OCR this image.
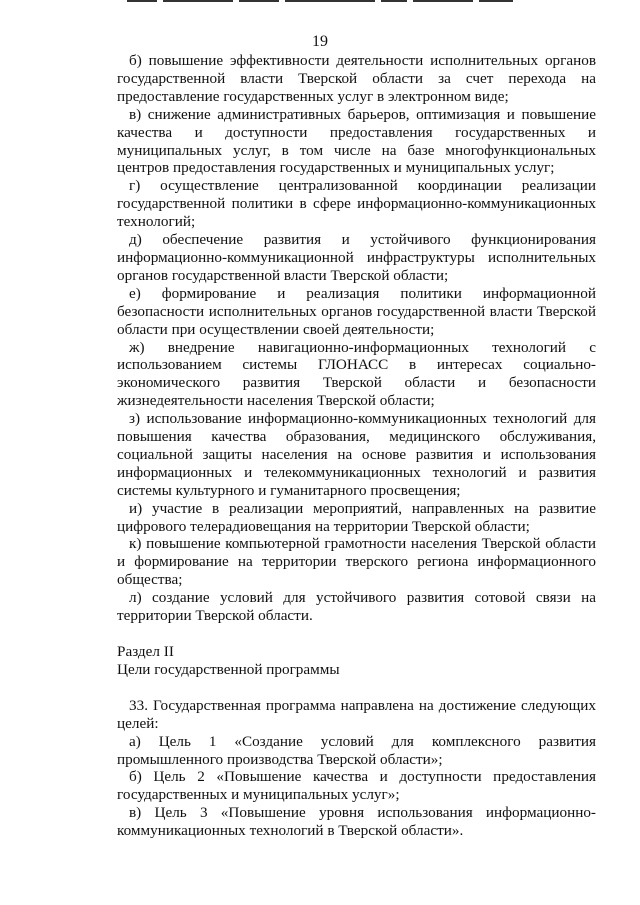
19

б) повышение эффективности деятельности исполнительных органов государственной власти Тверской области за счет перехода на предоставление государственных услуг в электронном виде;

в) снижение административных барьеров, оптимизация и повышение качества и доступности предоставления государственных и муниципальных услуг, в том числе на базе многофункциональных центров предоставления государственных и муниципальных услуг;

г) осуществление централизованной координации реализации государственной политики в сфере информационно-коммуникационных технологий;

д) обеспечение развития и устойчивого функционирования информационно-коммуникационной инфраструктуры исполнительных органов государственной власти Тверской области;

е) формирование и реализация политики информационной безопасности исполнительных органов государственной власти Тверской области при осуществлении своей деятельности;

ж) внедрение навигационно-информационных технологий с использованием системы ГЛОНАСС в интересах социально-экономического развития Тверской области и безопасности жизнедеятельности населения Тверской области;

з) использование информационно-коммуникационных технологий для повышения качества образования, медицинского обслуживания, социальной защиты населения на основе развития и использования информационных и телекоммуникационных технологий и развития системы культурного и гуманитарного просвещения;

и) участие в реализации мероприятий, направленных на развитие цифрового телерадиовещания на территории Тверской области;

к) повышение компьютерной грамотности населения Тверской области и формирование на территории тверского региона информационного общества;

л) создание условий для устойчивого развития сотовой связи на территории Тверской области.

Раздел II

Цели государственной программы

33. Государственная программа направлена на достижение следующих целей:

а) Цель 1 «Создание условий для комплексного развития промышленного производства Тверской области»;

б) Цель 2 «Повышение качества и доступности предоставления государственных и муниципальных услуг»;

в) Цель 3 «Повышение уровня использования информационно-коммуникационных технологий в Тверской области».
